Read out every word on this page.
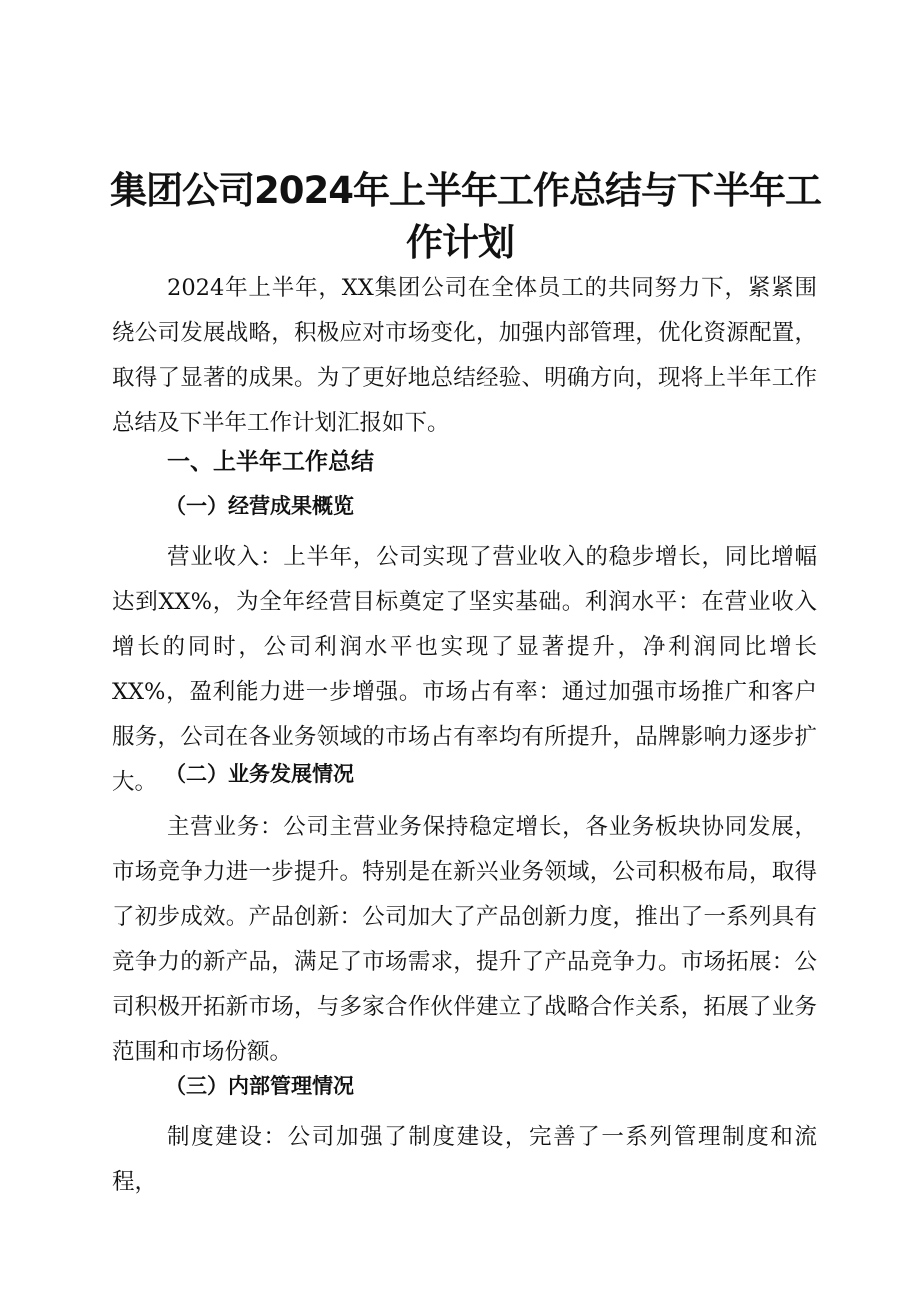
集团公司2024年上半年工作总结与下半年工
作计划

2024年上半年，XX集团公司在全体员工的共同努力下，紧紧围绕公司发展战略，积极应对市场变化，加强内部管理，优化资源配置，取得了显著的成果。为了更好地总结经验、明确方向，现将上半年工作总结及下半年工作计划汇报如下。

一、上半年工作总结
（一）经营成果概览

营业收入：上半年，公司实现了营业收入的稳步增长，同比增幅达到XX%，为全年经营目标奠定了坚实基础。利润水平：在营业收入增长的同时，公司利润水平也实现了显著提升，净利润同比增长XX%，盈利能力进一步增强。市场占有率：通过加强市场推广和客户服务，公司在各业务领域的市场占有率均有所提升，品牌影响力逐步扩大。 （二）业务发展情况

主营业务：公司主营业务保持稳定增长，各业务板块协同发展，市场竞争力进一步提升。特别是在新兴业务领域，公司积极布局，取得了初步成效。产品创新：公司加大了产品创新力度，推出了一系列具有竞争力的新产品，满足了市场需求，提升了产品竞争力。市场拓展：公司积极开拓新市场，与多家合作伙伴建立了战略合作关系，拓展了业务范围和市场份额。

（三）内部管理情况

制度建设：公司加强了制度建设，完善了一系列管理制度和流程，
